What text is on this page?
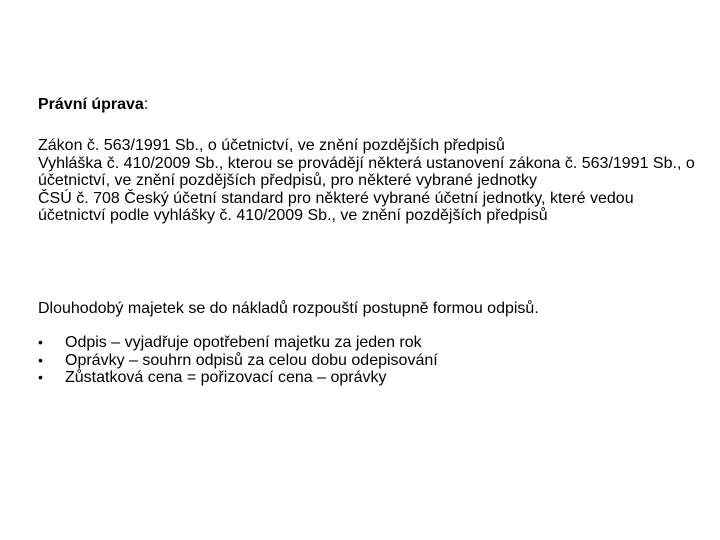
Právní úprava:

Zákon č. 563/1991 Sb., o účetnictví, ve znění pozdějších předpisů

Vyhláška č. 410/2009 Sb., kterou se provádějí některá ustanovení zákona č. 563/1991 Sb., o účetnictví, ve znění pozdějších předpisů, pro některé vybrané jednotky

ČSÚ č. 708 Český účetní standard pro některé vybrané účetní jednotky, které vedou účetnictví podle vyhlášky č. 410/2009 Sb., ve znění pozdějších předpisů

Dlouhodobý majetek se do nákladů rozpouští postupně formou odpisů.

•	Odpis – vyjadřuje opotřebení majetku za jeden rok
•	Oprávky – souhrn odpisů za celou dobu odepisování
•	Zůstatková cena = pořizovací cena – oprávky
